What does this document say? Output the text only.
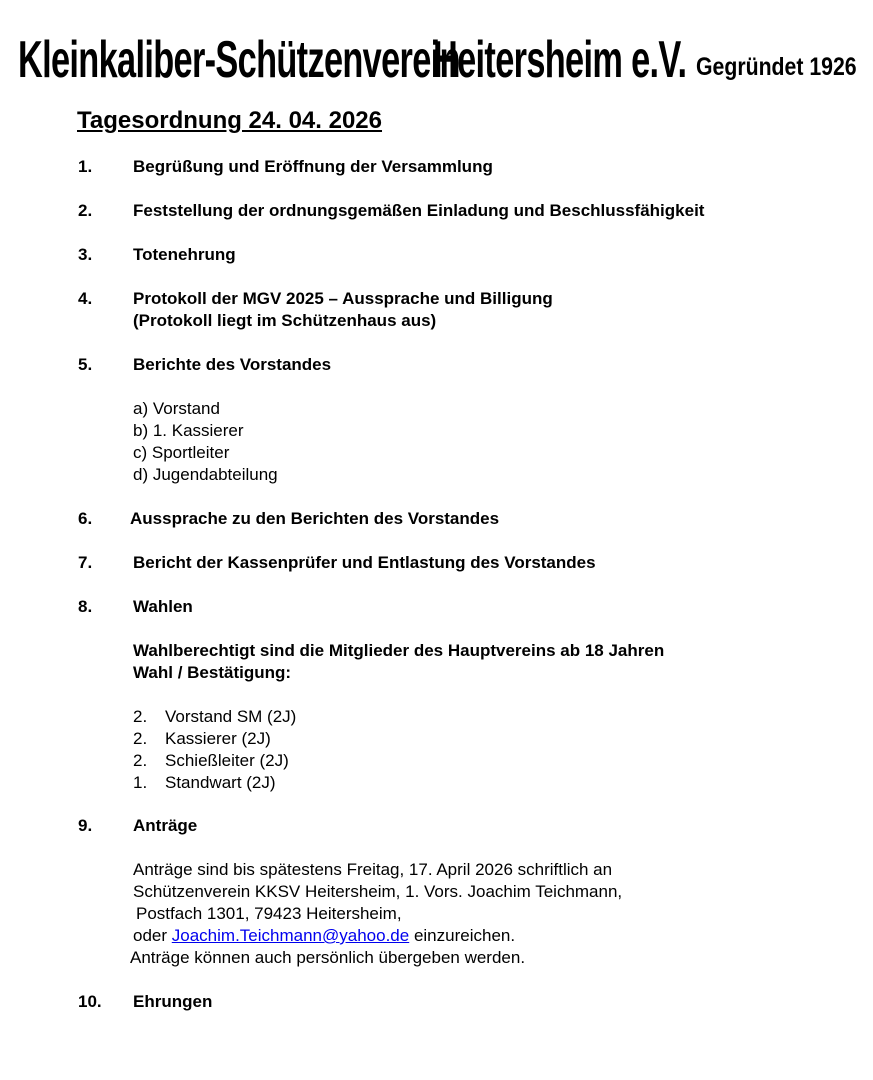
Kleinkaliber-Schützenverein
Heitersheim e.V. Gegründet 1926
Tagesordnung 24. 04. 2026
1. Begrüßung und Eröffnung der Versammlung
2. Feststellung der ordnungsgemäßen Einladung und Beschlussfähigkeit
3. Totenehrung
4. Protokoll der MGV 2025 – Aussprache und Billigung
(Protokoll liegt im Schützenhaus aus)
5. Berichte des Vorstandes
a) Vorstand
b) 1. Kassierer
c) Sportleiter
d) Jugendabteilung
6. Aussprache zu den Berichten des Vorstandes
7. Bericht der Kassenprüfer und Entlastung des Vorstandes
8. Wahlen
Wahlberechtigt sind die Mitglieder des Hauptvereins ab 18 Jahren
Wahl / Bestätigung:
2. Vorstand SM (2J)
2. Kassierer (2J)
2. Schießleiter (2J)
1. Standwart (2J)
9. Anträge
Anträge sind bis spätestens Freitag, 17. April 2026 schriftlich an
Schützenverein KKSV Heitersheim, 1. Vors. Joachim Teichmann,
Postfach 1301, 79423 Heitersheim,
oder Joachim.Teichmann@yahoo.de einzureichen.
Anträge können auch persönlich übergeben werden.
10. Ehrungen
